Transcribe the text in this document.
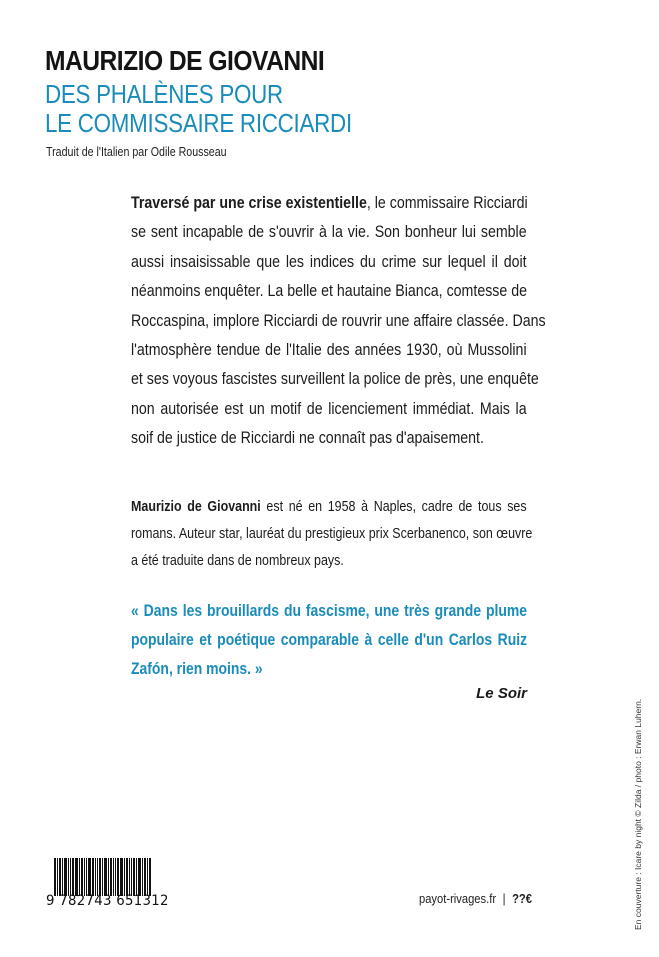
MAURIZIO DE GIOVANNI
DES PHALÈNES POUR
LE COMMISSAIRE RICCIARDI
Traduit de l'Italien par Odile Rousseau
Traversé par une crise existentielle, le commissaire Ricciardi
se sent incapable de s'ouvrir à la vie. Son bonheur lui semble
aussi insaisissable que les indices du crime sur lequel il doit
néanmoins enquêter. La belle et hautaine Bianca, comtesse de
Roccaspina, implore Ricciardi de rouvrir une affaire classée. Dans
l'atmosphère tendue de l'Italie des années 1930, où Mussolini
et ses voyous fascistes surveillent la police de près, une enquête
non autorisée est un motif de licenciement immédiat. Mais la
soif de justice de Ricciardi ne connaît pas d'apaisement.
Maurizio de Giovanni est né en 1958 à Naples, cadre de tous ses
romans. Auteur star, lauréat du prestigieux prix Scerbanenco, son œuvre
a été traduite dans de nombreux pays.
« Dans les brouillards du fascisme, une très grande plume
populaire et poétique comparable à celle d'un Carlos Ruiz
Zafón, rien moins. »
Le Soir
En couverture : Icare by night © Zilda / photo : Erwan Luhern.
9 782743 651312	payot-rivages.fr | ??€
